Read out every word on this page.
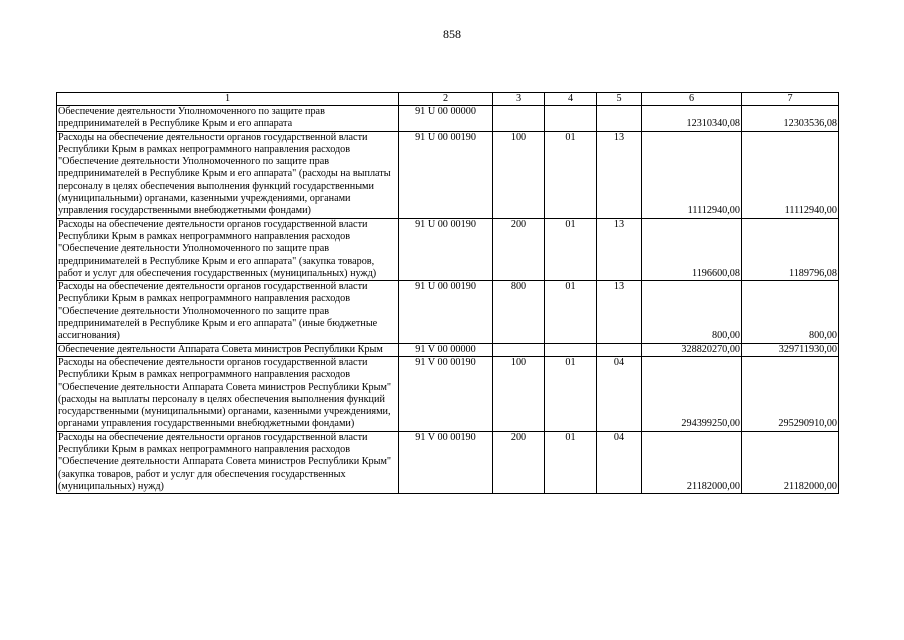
858
1	2	3	4	5	6	7
Обеспечение деятельности Уполномоченного по защите прав предпринимателей в Республике Крым и его аппарата	91 U 00 00000				12310340,08	12303536,08
Расходы на обеспечение деятельности органов государственной власти Республики Крым в рамках непрограммного направления расходов "Обеспечение деятельности Уполномоченного по защите прав предпринимателей в Республике Крым и его аппарата" (расходы на выплаты персоналу в целях обеспечения выполнения функций государственными (муниципальными) органами, казенными учреждениями, органами управления государственными внебюджетными фондами)	91 U 00 00190	100	01	13	11112940,00	11112940,00
Расходы на обеспечение деятельности органов государственной власти Республики Крым в рамках непрограммного направления расходов "Обеспечение деятельности Уполномоченного по защите прав предпринимателей в Республике Крым и его аппарата" (закупка товаров, работ и услуг для обеспечения государственных (муниципальных) нужд)	91 U 00 00190	200	01	13	1196600,08	1189796,08
Расходы на обеспечение деятельности органов государственной власти Республики Крым в рамках непрограммного направления расходов "Обеспечение деятельности Уполномоченного по защите прав предпринимателей в Республике Крым и его аппарата" (иные бюджетные ассигнования)	91 U 00 00190	800	01	13	800,00	800,00
Обеспечение деятельности Аппарата Совета министров Республики Крым	91 V 00 00000				328820270,00	329711930,00
Расходы на обеспечение деятельности органов государственной власти Республики Крым в рамках непрограммного направления расходов "Обеспечение деятельности Аппарата Совета министров Республики Крым" (расходы на выплаты персоналу в целях обеспечения выполнения функций государственными (муниципальными) органами, казенными учреждениями, органами управления государственными внебюджетными фондами)	91 V 00 00190	100	01	04	294399250,00	295290910,00
Расходы на обеспечение деятельности органов государственной власти Республики Крым в рамках непрограммного направления расходов "Обеспечение деятельности Аппарата Совета министров Республики Крым" (закупка товаров, работ и услуг для обеспечения государственных (муниципальных) нужд)	91 V 00 00190	200	01	04	21182000,00	21182000,00
